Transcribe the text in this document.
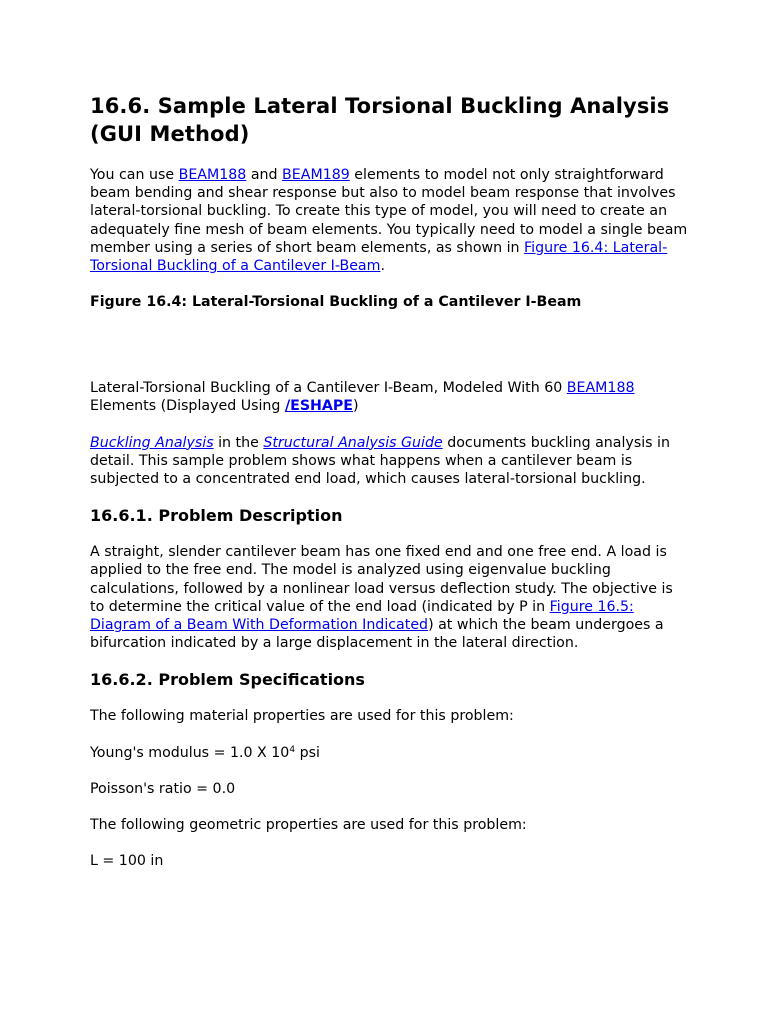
16.6. Sample Lateral Torsional Buckling Analysis (GUI Method)

You can use BEAM188 and BEAM189 elements to model not only straightforward beam bending and shear response but also to model beam response that involves lateral-torsional buckling. To create this type of model, you will need to create an adequately fine mesh of beam elements. You typically need to model a single beam member using a series of short beam elements, as shown in Figure 16.4: Lateral-Torsional Buckling of a Cantilever I-Beam.

Figure 16.4: Lateral-Torsional Buckling of a Cantilever I-Beam

Lateral-Torsional Buckling of a Cantilever I-Beam, Modeled With 60 BEAM188 Elements (Displayed Using /ESHAPE)

Buckling Analysis in the Structural Analysis Guide documents buckling analysis in detail. This sample problem shows what happens when a cantilever beam is subjected to a concentrated end load, which causes lateral-torsional buckling.

16.6.1. Problem Description

A straight, slender cantilever beam has one fixed end and one free end. A load is applied to the free end. The model is analyzed using eigenvalue buckling calculations, followed by a nonlinear load versus deflection study. The objective is to determine the critical value of the end load (indicated by P in Figure 16.5: Diagram of a Beam With Deformation Indicated) at which the beam undergoes a bifurcation indicated by a large displacement in the lateral direction.

16.6.2. Problem Specifications

The following material properties are used for this problem:

Young's modulus = 1.0 X $10^4$ psi

Poisson's ratio = 0.0

The following geometric properties are used for this problem:

L = 100 in
